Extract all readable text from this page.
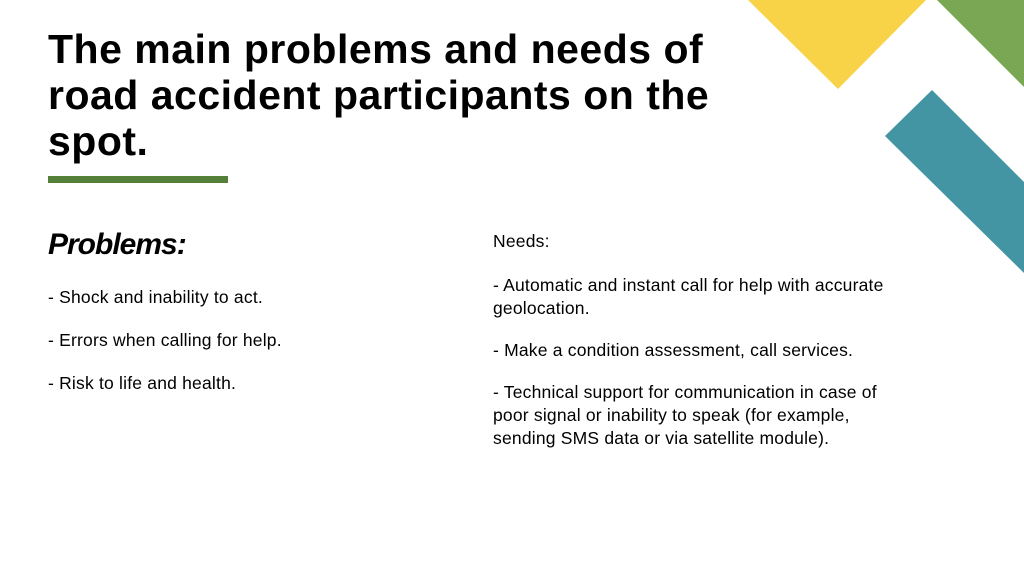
The main problems and needs of road accident participants on the spot.
Problems:

- Shock and inability to act.

- Errors when calling for help.

- Risk to life and health.

Needs:

- Automatic and instant call for help with accurate geolocation.

- Make a condition assessment, call services.

- Technical support for communication in case of poor signal or inability to speak (for example, sending SMS data or via satellite module).
